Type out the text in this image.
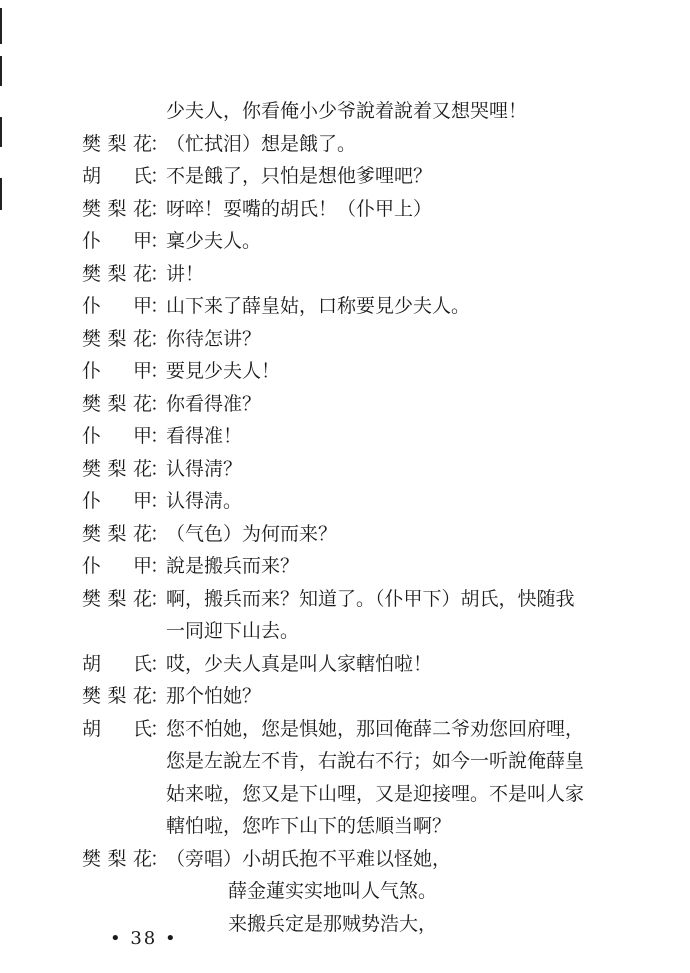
少夫人，你看俺小少爷說着說着又想哭哩！
樊梨花
：
（忙拭泪）想是餓了。
胡氏
：
不是餓了，只怕是想他爹哩吧？
樊梨花
：
呀啐！耍嘴的胡氏！（仆甲上）
仆甲
：
稟少夫人。
樊梨花
：
讲！
仆甲
：
山下来了薛皇姑，口称要見少夫人。
樊梨花
：
你待怎讲？
仆甲
：
要見少夫人！
樊梨花
：
你看得准？
仆甲
：
看得准！
樊梨花
：
认得淸？
仆甲
：
认得淸。
樊梨花
：
（气色）为何而来？
仆甲
：
說是搬兵而来？
樊梨花
：
啊，搬兵而来？知道了。（仆甲下）胡氏，快随我
一同迎下山去。
胡氏
：
哎，少夫人真是叫人家轄怕啦！
樊梨花
：
那个怕她？
胡氏
：
您不怕她，您是惧她，那回俺薛二爷劝您回府哩，
您是左說左不肯，右說右不行；如今一听說俺薛皇
姑来啦，您又是下山哩，又是迎接哩。不是叫人家
轄怕啦，您咋下山下的恁順当啊？
樊梨花
：
（旁唱）小胡氏抱不平难以怪她，
薛金蓮实实地叫人气煞。
来搬兵定是那贼势浩大，
• 38 •
